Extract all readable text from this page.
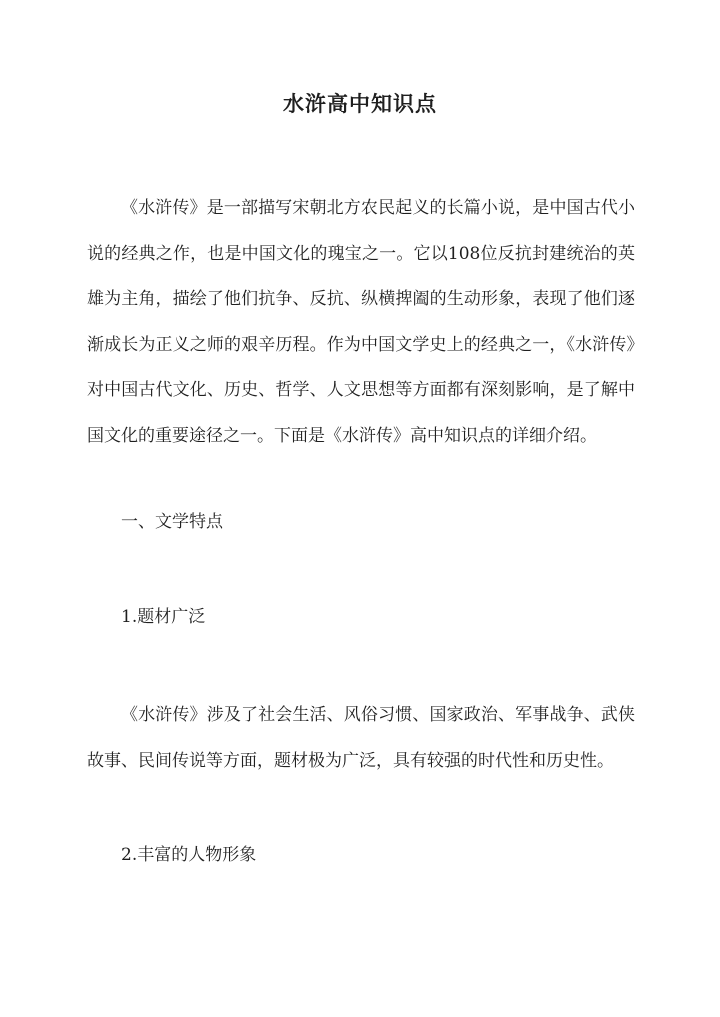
水浒高中知识点

《水浒传》是一部描写宋朝北方农民起义的长篇小说，是中国古代小说的经典之作，也是中国文化的瑰宝之一。它以108位反抗封建统治的英雄为主角，描绘了他们抗争、反抗、纵横捭阖的生动形象，表现了他们逐渐成长为正义之师的艰辛历程。作为中国文学史上的经典之一，《水浒传》对中国古代文化、历史、哲学、人文思想等方面都有深刻影响，是了解中国文化的重要途径之一。下面是《水浒传》高中知识点的详细介绍。

一、文学特点

1.题材广泛

《水浒传》涉及了社会生活、风俗习惯、国家政治、军事战争、武侠故事、民间传说等方面，题材极为广泛，具有较强的时代性和历史性。

2.丰富的人物形象
